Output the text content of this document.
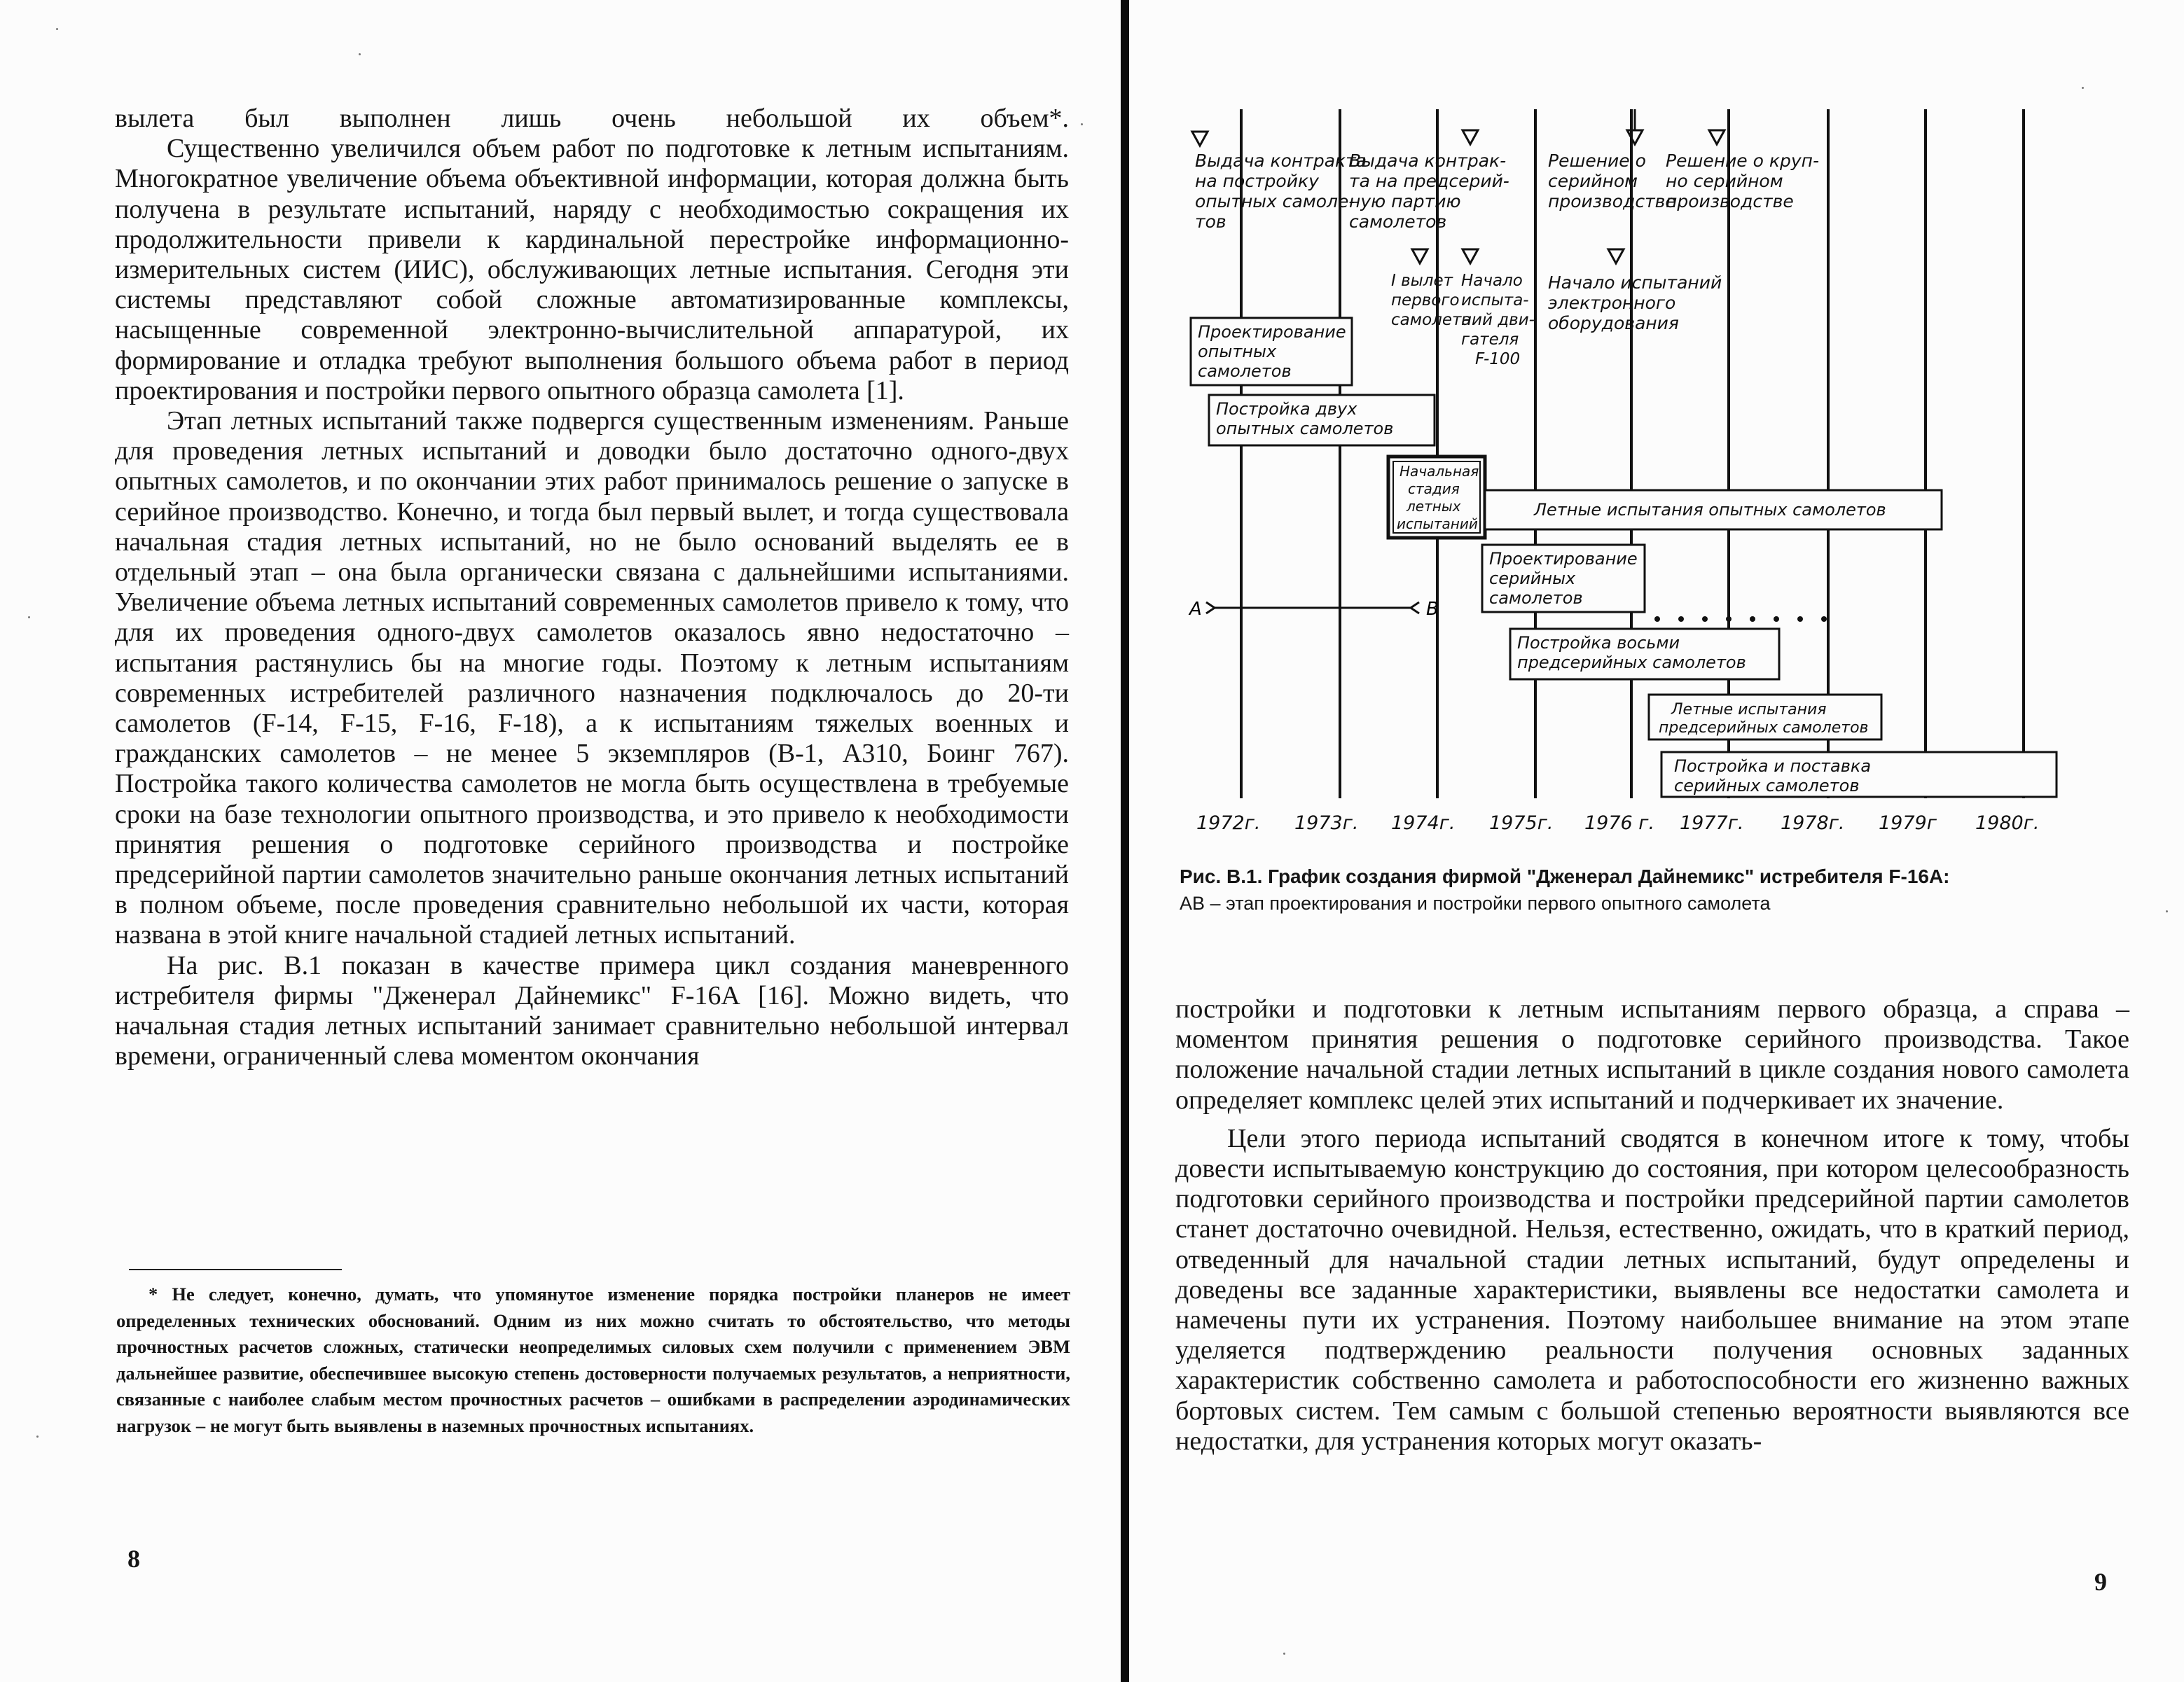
вылета был выполнен лишь очень небольшой их объем*.

Существенно увеличился объем работ по подготовке к летным испытаниям. Многократное увеличение объема объективной информации, которая должна быть получена в результате испытаний, наряду с необходимостью сокращения их продолжительности привели к кардинальной перестройке информационно-измерительных систем (ИИС), обслуживающих летные испытания. Сегодня эти системы представляют собой сложные автоматизированные комплексы, насыщенные современной электронно-вычислительной аппаратурой, их формирование и отладка требуют выполнения большого объема работ в период проектирования и постройки первого опытного образца самолета [1].

Этап летных испытаний также подвергся существенным изменениям. Раньше для проведения летных испытаний и доводки было достаточно одного-двух опытных самолетов, и по окончании этих работ принималось решение о запуске в серийное производство. Конечно, и тогда был первый вылет, и тогда существовала начальная стадия летных испытаний, но не было оснований выделять ее в отдельный этап – она была органически связана с дальнейшими испытаниями. Увеличение объема летных испытаний современных самолетов привело к тому, что для их проведения одного-двух самолетов оказалось явно недостаточно – испытания растянулись бы на многие годы. Поэтому к летным испытаниям современных истребителей различного назначения подключалось до 20-ти самолетов (F-14, F-15, F-16, F-18), а к испытаниям тяжелых военных и гражданских самолетов – не менее 5 экземпляров (В-1, А310, Боинг 767). Постройка такого количества самолетов не могла быть осуществлена в требуемые сроки на базе технологии опытного производства, и это привело к необходимости принятия решения о подготовке серийного производства и постройке предсерийной партии самолетов значительно раньше окончания летных испытаний в полном объеме, после проведения сравнительно небольшой их части, которая названа в этой книге начальной стадией летных испытаний.

На рис. В.1 показан в качестве примера цикл создания маневренного истребителя фирмы "Дженерал Дайнемикс" F-16A [16]. Можно видеть, что начальная стадия летных испытаний занимает сравнительно небольшой интервал времени, ограниченный слева моментом окончания

* Не следует, конечно, думать, что упомянутое изменение порядка постройки планеров не имеет определенных технических обоснований. Одним из них можно считать то обстоятельство, что методы прочностных расчетов сложных, статически неопределимых силовых схем получили с применением ЭВМ дальнейшее развитие, обеспечившее высокую степень достоверности получаемых результатов, а неприятности, связанные с наиболее слабым местом прочностных расчетов – ошибками в распределении аэродинамических нагрузок – не могут быть выявлены в наземных прочностных испытаниях.

8
Выдача контракта на постройку опытных самоле- тов
Выдача контрак- та на предсерий- ную партию самолетов
Решение о серийном производстве
Решение о круп- но серийном производстве
I вылет первого самолета
Начало испыта- ний дви- гателя F-100
Начало испытаний электронного оборудования
Проектирование опытных самолетов
Постройка двух опытных самолетов
Начальная стадия летных испытаний
Летные испытания опытных самолетов
Проектирование серийных самолетов
Постройка восьми предсерийных самолетов
Летные испытания предсерийных самолетов
Постройка и поставка серийных самолетов
А	В
1972г. 1973г. 1974г. 1975г. 1976 г. 1977г. 1978г. 1979г 1980г.
Рис. В.1. График создания фирмой "Дженерал Дайнемикс" истребителя F-16A:
АВ – этап проектирования и постройки первого опытного самолета

постройки и подготовки к летным испытаниям первого образца, а справа – моментом принятия решения о подготовке серийного производства. Такое положение начальной стадии летных испытаний в цикле создания нового самолета определяет комплекс целей этих испытаний и подчеркивает их значение.

Цели этого периода испытаний сводятся в конечном итоге к тому, чтобы довести испытываемую конструкцию до состояния, при котором целесообразность подготовки серийного производства и постройки предсерийной партии самолетов станет достаточно очевидной. Нельзя, естественно, ожидать, что в краткий период, отведенный для начальной стадии летных испытаний, будут определены и доведены все заданные характеристики, выявлены все недостатки самолета и намечены пути их устранения. Поэтому наибольшее внимание на этом этапе уделяется подтверждению реальности получения основных заданных характеристик собственно самолета и работоспособности его жизненно важных бортовых систем. Тем самым с большой степенью вероятности выявляются все недостатки, для устранения которых могут оказать-

9
